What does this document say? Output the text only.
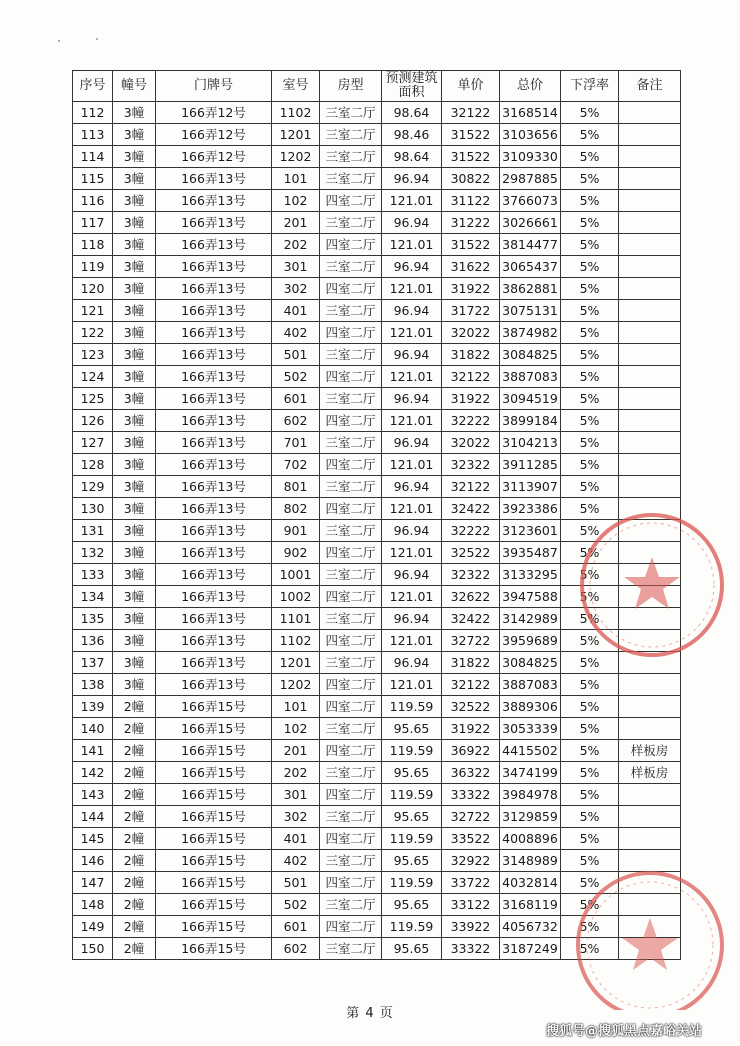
序号	幢号	门牌号	室号	房型	预测建筑面积	单价	总价	下浮率	备注
112	3幢	166弄12号	1102	三室二厅	98.64	32122	3168514	5%	
113	3幢	166弄12号	1201	三室二厅	98.46	31522	3103656	5%	
114	3幢	166弄12号	1202	三室二厅	98.64	31522	3109330	5%	
115	3幢	166弄13号	101	三室二厅	96.94	30822	2987885	5%	
116	3幢	166弄13号	102	四室二厅	121.01	31122	3766073	5%	
117	3幢	166弄13号	201	三室二厅	96.94	31222	3026661	5%	
118	3幢	166弄13号	202	四室二厅	121.01	31522	3814477	5%	
119	3幢	166弄13号	301	三室二厅	96.94	31622	3065437	5%	
120	3幢	166弄13号	302	四室二厅	121.01	31922	3862881	5%	
121	3幢	166弄13号	401	三室二厅	96.94	31722	3075131	5%	
122	3幢	166弄13号	402	四室二厅	121.01	32022	3874982	5%	
123	3幢	166弄13号	501	三室二厅	96.94	31822	3084825	5%	
124	3幢	166弄13号	502	四室二厅	121.01	32122	3887083	5%	
125	3幢	166弄13号	601	三室二厅	96.94	31922	3094519	5%	
126	3幢	166弄13号	602	四室二厅	121.01	32222	3899184	5%	
127	3幢	166弄13号	701	三室二厅	96.94	32022	3104213	5%	
128	3幢	166弄13号	702	四室二厅	121.01	32322	3911285	5%	
129	3幢	166弄13号	801	三室二厅	96.94	32122	3113907	5%	
130	3幢	166弄13号	802	四室二厅	121.01	32422	3923386	5%	
131	3幢	166弄13号	901	三室二厅	96.94	32222	3123601	5%	
132	3幢	166弄13号	902	四室二厅	121.01	32522	3935487	5%	
133	3幢	166弄13号	1001	三室二厅	96.94	32322	3133295	5%	
134	3幢	166弄13号	1002	四室二厅	121.01	32622	3947588	5%	
135	3幢	166弄13号	1101	三室二厅	96.94	32422	3142989	5%	
136	3幢	166弄13号	1102	四室二厅	121.01	32722	3959689	5%	
137	3幢	166弄13号	1201	三室二厅	96.94	31822	3084825	5%	
138	3幢	166弄13号	1202	四室二厅	121.01	32122	3887083	5%	
139	2幢	166弄15号	101	四室二厅	119.59	32522	3889306	5%	
140	2幢	166弄15号	102	三室二厅	95.65	31922	3053339	5%	
141	2幢	166弄15号	201	四室二厅	119.59	36922	4415502	5%	样板房
142	2幢	166弄15号	202	三室二厅	95.65	36322	3474199	5%	样板房
143	2幢	166弄15号	301	四室二厅	119.59	33322	3984978	5%	
144	2幢	166弄15号	302	三室二厅	95.65	32722	3129859	5%	
145	2幢	166弄15号	401	四室二厅	119.59	33522	4008896	5%	
146	2幢	166弄15号	402	三室二厅	95.65	32922	3148989	5%	
147	2幢	166弄15号	501	四室二厅	119.59	33722	4032814	5%	
148	2幢	166弄15号	502	三室二厅	95.65	33122	3168119	5%	
149	2幢	166弄15号	601	四室二厅	119.59	33922	4056732	5%	
150	2幢	166弄15号	602	三室二厅	95.65	33322	3187249	5%	
第 4 页
搜狐号@搜狐黑点嘉峪关站
